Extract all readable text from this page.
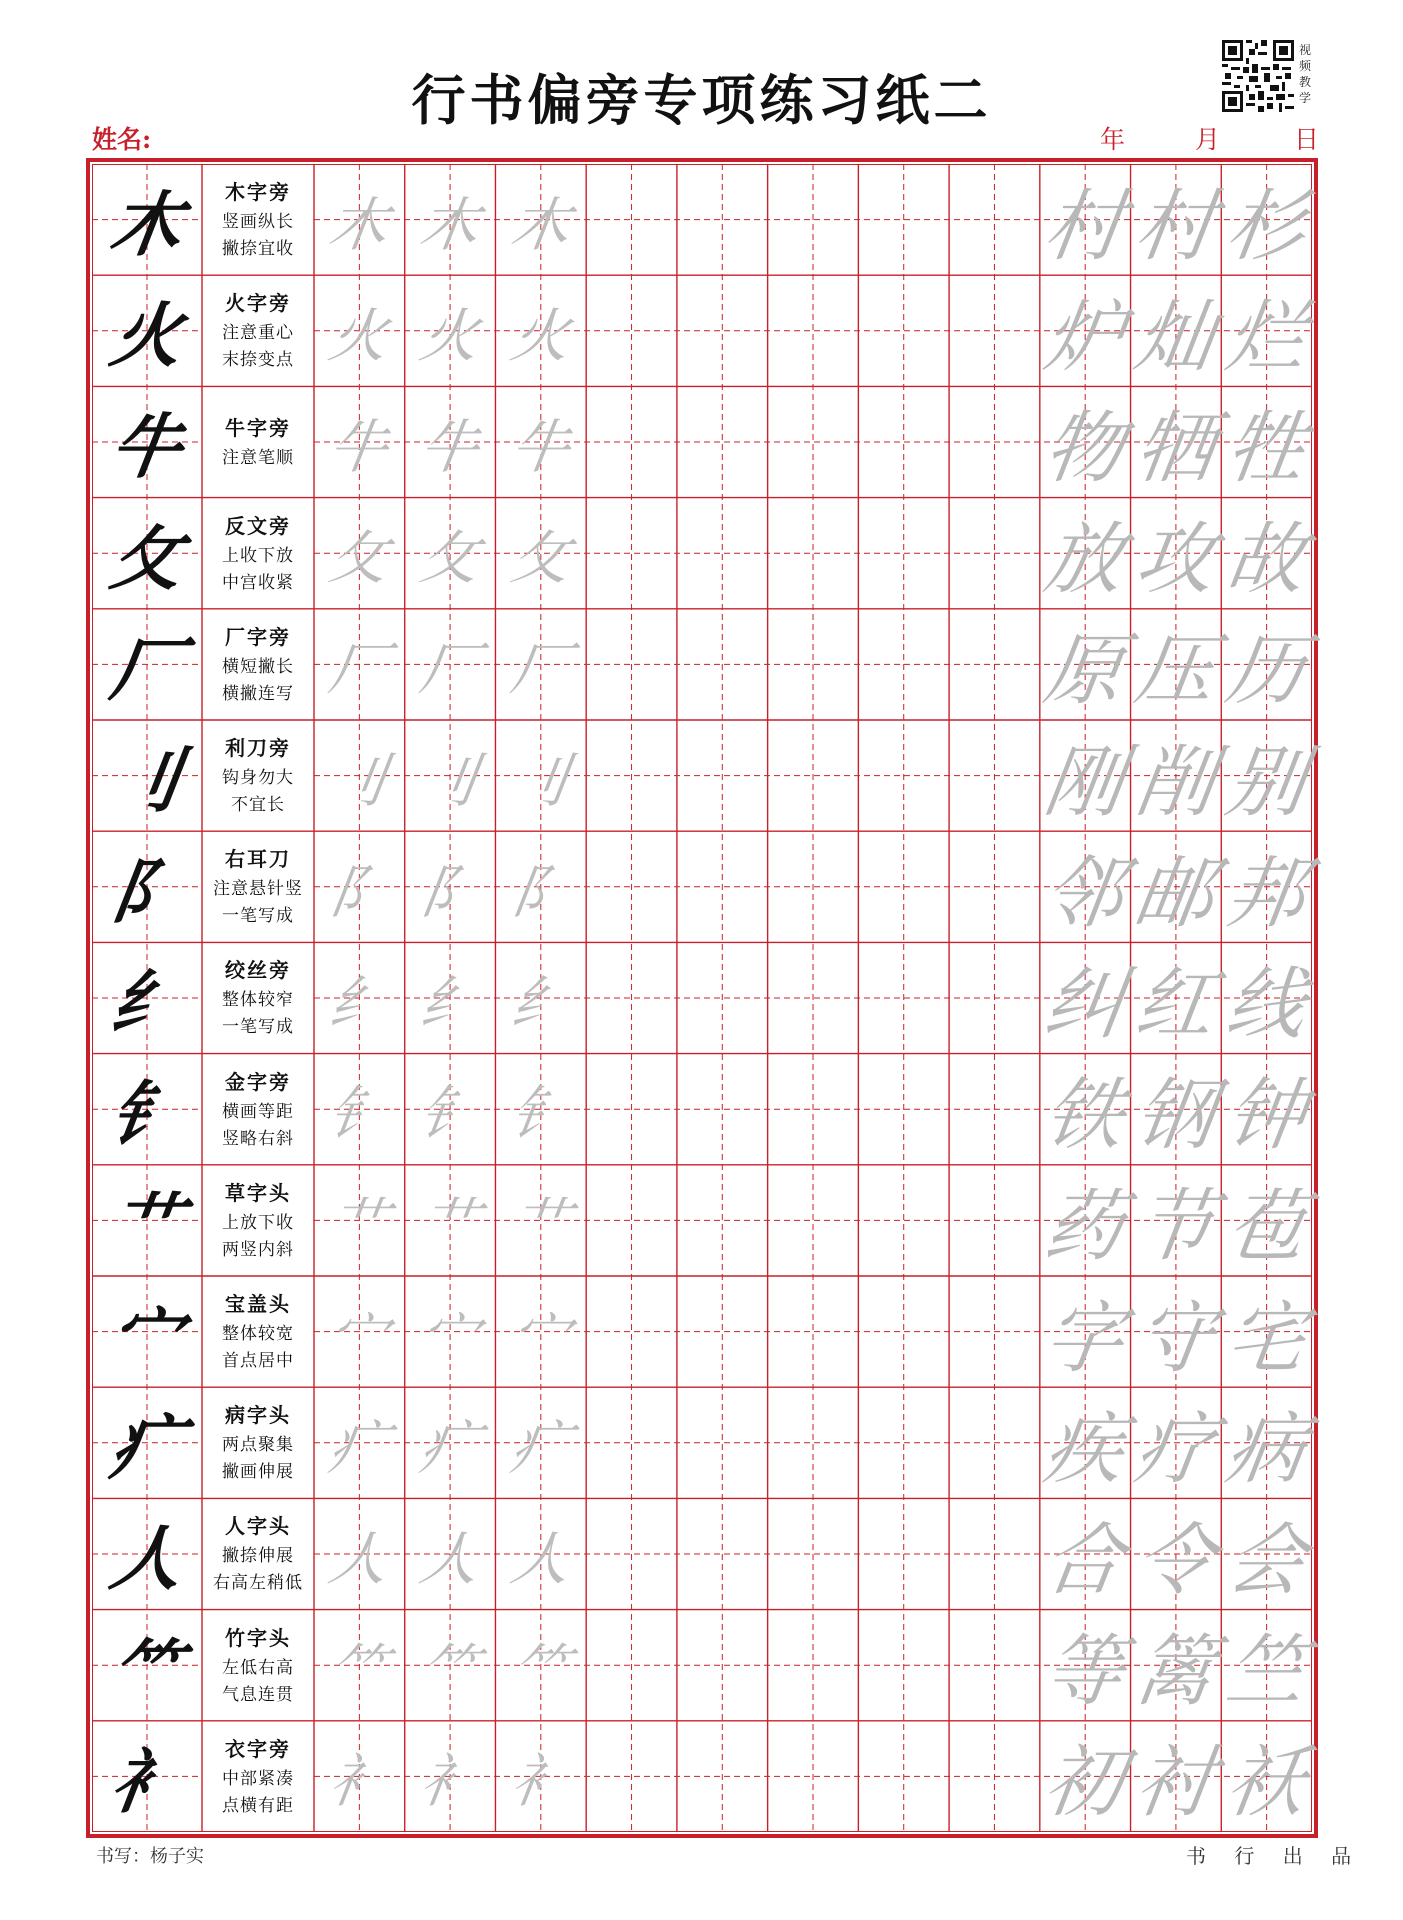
行书偏旁专项练习纸二
视频教学
姓名:	年	月	日
木 木字旁
竖画纵长
撇捺宜收 木 木 木	村 村 杉
火 火字旁
注意重心
末捺变点 火 火 火	炉 灿 烂
牛 牛字旁
注意笔顺 牛 牛 牛	物 牺 牲
攵 反文旁
上收下放
中宫收紧 攵 攵 攵	放 攻 故
厂 厂字旁
横短撇长
横撇连写 厂 厂 厂	原 压 历
刂 利刀旁
钩身勿大
不宜长 刂 刂 刂	刚 削 别
阝 右耳刀
注意悬针竖
一笔写成 阝 阝 阝	邻 邮 邦
纟 绞丝旁
整体较窄
一笔写成 纟 纟 纟	纠 红 线
钅 金字旁
横画等距
竖略右斜 钅 钅 钅	铁 钢 钟
艹 草字头
上放下收
两竖内斜 艹 艹 艹	药 节 苞
宀 宝盖头
整体较宽
首点居中 宀 宀 宀	字 守 宅
疒 病字头
两点聚集
撇画伸展 疒 疒 疒	疾 疗 病
人 人字头
撇捺伸展
右高左稍低 人 人 人	合 令 会
⺮ 竹字头
左低右高
气息连贯 ⺮ ⺮ ⺮	等 篱 竺
衤 衣字旁
中部紧凑
点横有距 衤 衤 衤	初 衬 袄
书写：杨子实	书 行 出 品
